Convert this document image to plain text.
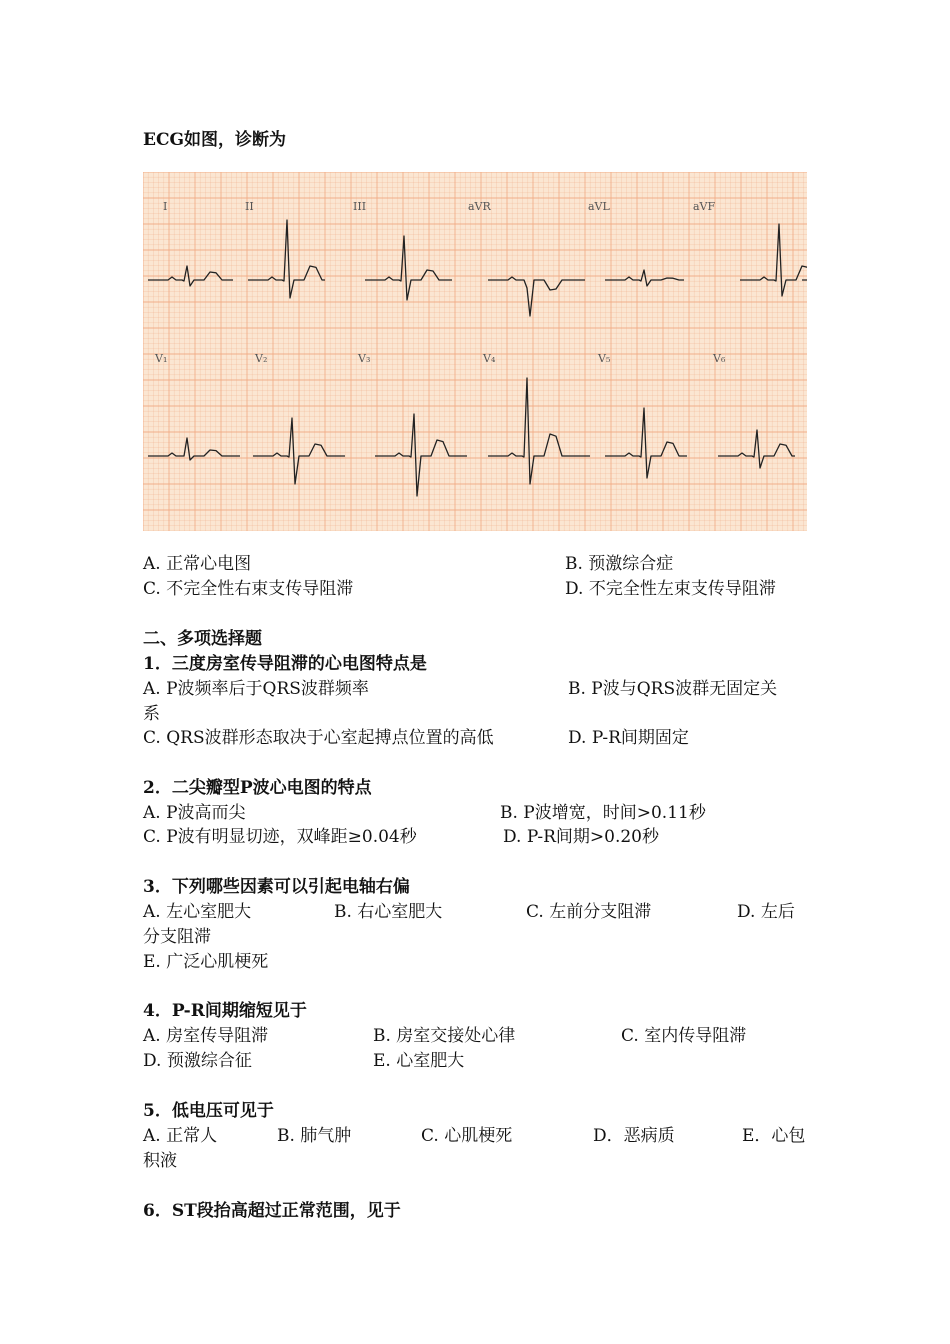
ECG如图，诊断为
I	II	III	aVR	aVL	aVF
V₁	V₂	V₃	V₄	V₅	V₆
A. 正常心电图	B. 预激综合症
C. 不完全性右束支传导阻滞	D. 不完全性左束支传导阻滞
二、多项选择题
1．三度房室传导阻滞的心电图特点是
A. P波频率后于QRS波群频率	B. P波与QRS波群无固定关
系
C. QRS波群形态取决于心室起搏点位置的高低	D. P-R间期固定
2．二尖瓣型P波心电图的特点
A. P波高而尖	B. P波增宽，时间>0.11秒
C. P波有明显切迹，双峰距≥0.04秒	D. P-R间期>0.20秒
3．下列哪些因素可以引起电轴右偏
A. 左心室肥大	B. 右心室肥大	C. 左前分支阻滞	D. 左后
分支阻滞
E. 广泛心肌梗死
4．P-R间期缩短见于
A. 房室传导阻滞	B. 房室交接处心律	C. 室内传导阻滞
D. 预激综合征	E. 心室肥大
5．低电压可见于
A. 正常人	B. 肺气肿	C. 心肌梗死	D．恶病质	E．心包
积液
6．ST段抬高超过正常范围，见于
